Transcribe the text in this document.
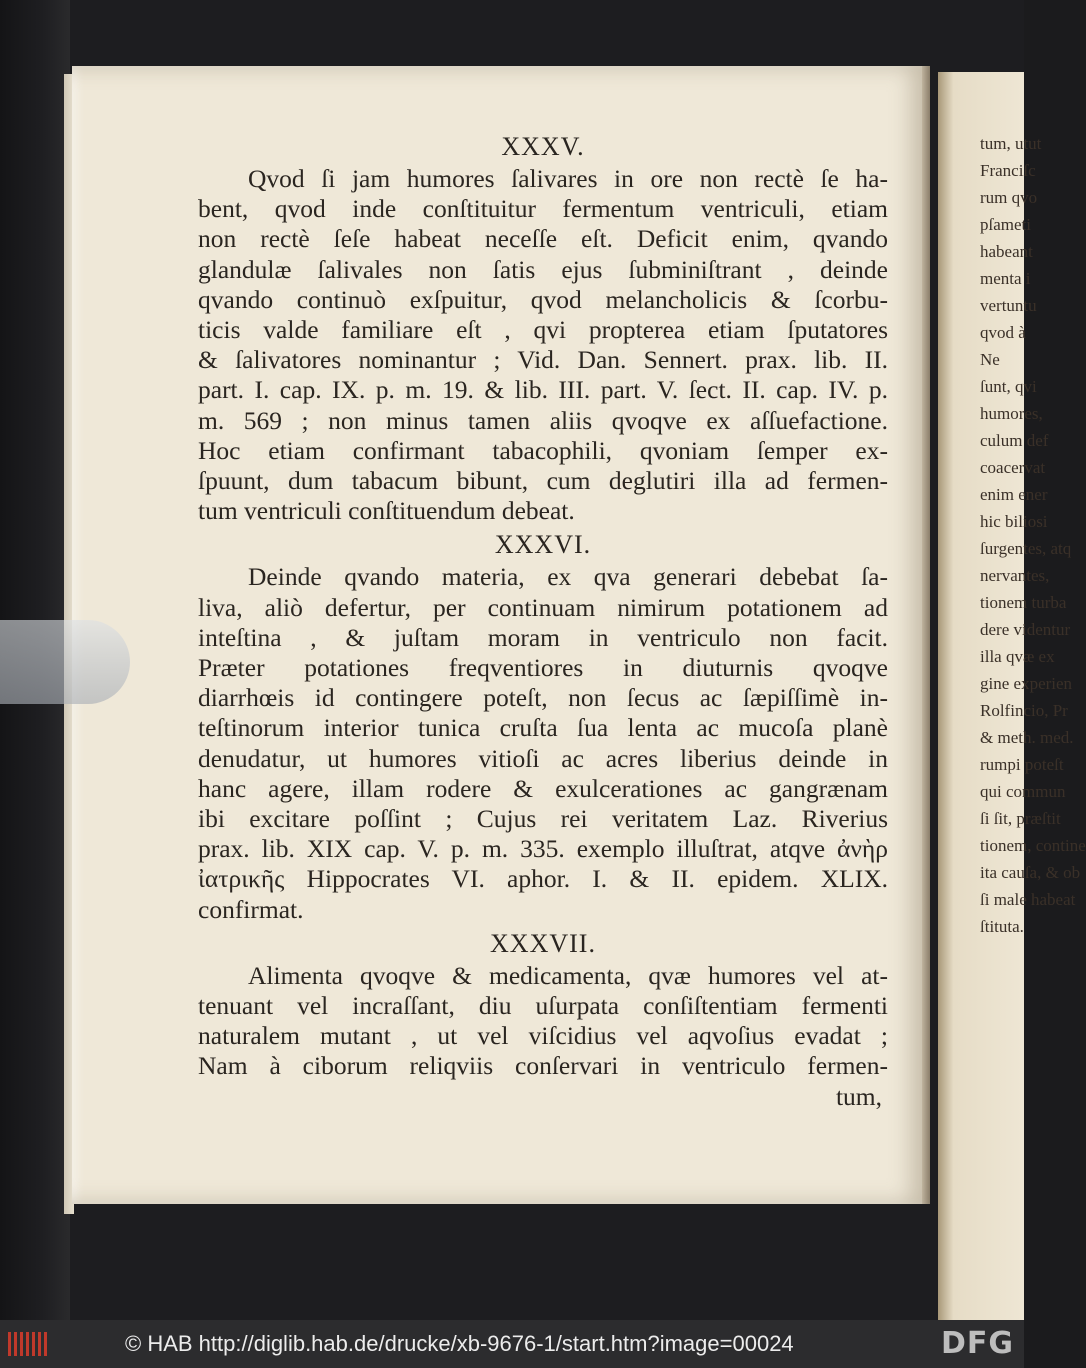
XXXV.
Qvod ſi jam humores ſalivares in ore non rectè ſe ha-
bent, qvod inde conſtituitur fermentum ventriculi, etiam
non rectè ſeſe habeat neceſſe eſt. Deficit enim, qvando
glandulæ ſalivales non ſatis ejus ſubminiſtrant , deinde
qvando continuò exſpuitur, qvod melancholicis & ſcorbu-
ticis valde familiare eſt , qvi propterea etiam ſputatores
& ſalivatores nominantur ; Vid. Dan. Sennert. prax. lib. II.
part. I. cap. IX. p. m. 19. & lib. III. part. V. ſect. II. cap. IV. p.
m. 569 ; non minus tamen aliis qvoqve ex aſſuefactione.
Hoc etiam confirmant tabacophili, qvoniam ſemper ex-
ſpuunt, dum tabacum bibunt, cum deglutiri illa ad fermen-
tum ventriculi conſtituendum debeat.
XXXVI.
Deinde qvando materia, ex qva generari debebat ſa-
liva, aliò defertur, per continuam nimirum potationem ad
inteſtina , & juſtam moram in ventriculo non facit.
Præter potationes freqventiores in diuturnis qvoqve
diarrhœis id contingere poteſt, non ſecus ac ſæpiſſimè in-
teſtinorum interior tunica cruſta ſua lenta ac mucoſa planè
denudatur, ut humores vitioſi ac acres liberius deinde in
hanc agere, illam rodere & exulcerationes ac gangrænam
ibi excitare poſſint ; Cujus rei veritatem Laz. Riverius
prax. lib. XIX cap. V. p. m. 335. exemplo illuſtrat, atqve ἀνὴρ
ἰατρικῆς Hippocrates VI. aphor. I. & II. epidem. XLIX.
confirmat.
XXXVII.
Alimenta qvoqve & medicamenta, qvæ humores vel at-
tenuant vel incraſſant, diu uſurpata conſiſtentiam fermenti
naturalem mutant , ut vel viſcidius vel aqvoſius evadat ;
Nam à ciborum reliqviis conſervari in ventriculo fermen-
tum,
tum, utut
Franciſc
rum qvo
pſameti
habeant
menta i
vertuntu
qvod à
Ne
ſunt, qvi
humores,
culum def
coacervat
enim ener
hic biliosi
ſurgentes, atq
nervantes,
tionem turba
dere videntur
illa qvæ ex
gine experien
Rolfincio, Pr
& meth. med.
rumpi poteſt
qui commun
ſi ſit, præſtit
tionem, contine
ita cauſa, & ob
ſi male habeat
ſtituta.
© HAB http://diglib.hab.de/drucke/xb-9676-1/start.htm?image=00024	DFG
